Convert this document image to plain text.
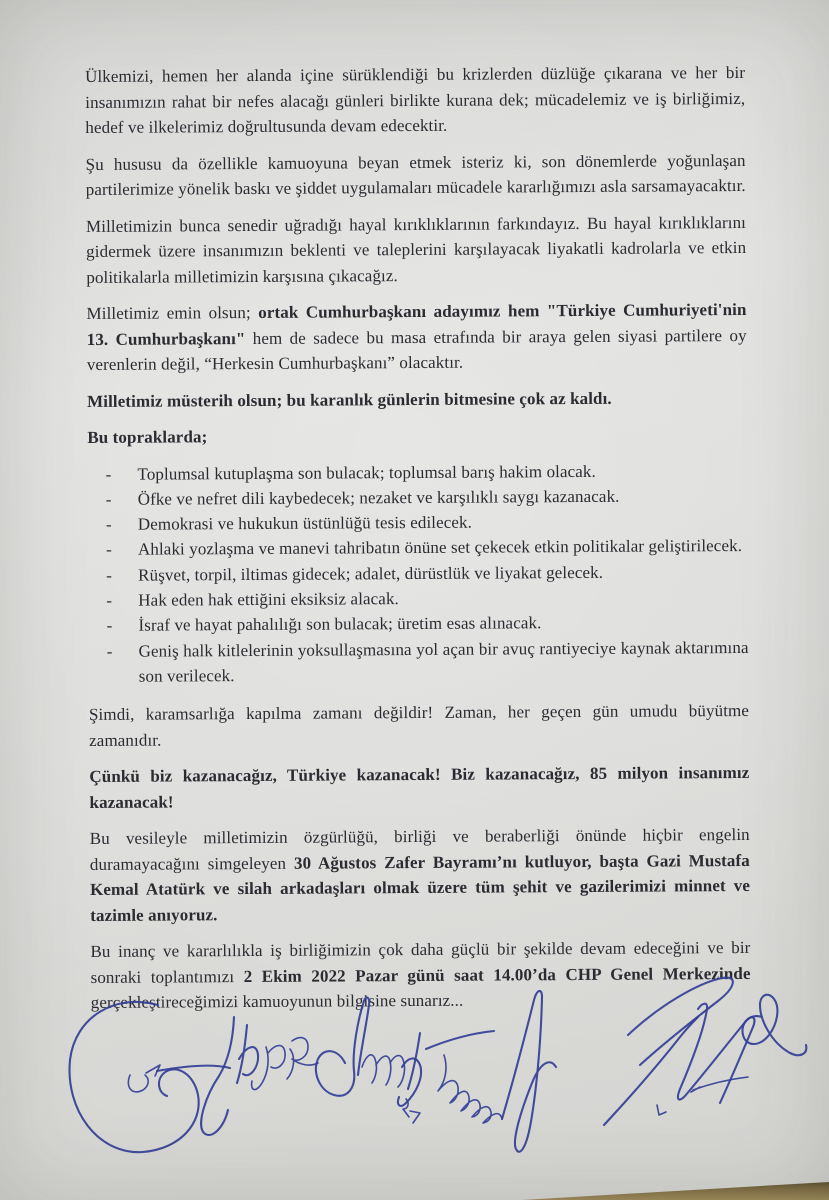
Ülkemizi, hemen her alanda içine sürüklendiği bu krizlerden düzlüğe çıkarana ve her bir insanımızın rahat bir nefes alacağı günleri birlikte kurana dek; mücadelemiz ve iş birliğimiz, hedef ve ilkelerimiz doğrultusunda devam edecektir.

Şu hususu da özellikle kamuoyuna beyan etmek isteriz ki, son dönemlerde yoğunlaşan partilerimize yönelik baskı ve şiddet uygulamaları mücadele kararlığımızı asla sarsamayacaktır.

Milletimizin bunca senedir uğradığı hayal kırıklıklarının farkındayız. Bu hayal kırıklıklarını gidermek üzere insanımızın beklenti ve taleplerini karşılayacak liyakatli kadrolarla ve etkin politikalarla milletimizin karşısına çıkacağız.

Milletimiz emin olsun; ortak Cumhurbaşkanı adayımız hem "Türkiye Cumhuriyeti'nin 13. Cumhurbaşkanı" hem de sadece bu masa etrafında bir araya gelen siyasi partilere oy verenlerin değil, “Herkesin Cumhurbaşkanı” olacaktır.

Milletimiz müsterih olsun; bu karanlık günlerin bitmesine çok az kaldı.

Bu topraklarda;

- Toplumsal kutuplaşma son bulacak; toplumsal barış hakim olacak.
- Öfke ve nefret dili kaybedecek; nezaket ve karşılıklı saygı kazanacak.
- Demokrasi ve hukukun üstünlüğü tesis edilecek.
- Ahlaki yozlaşma ve manevi tahribatın önüne set çekecek etkin politikalar geliştirilecek.
- Rüşvet, torpil, iltimas gidecek; adalet, dürüstlük ve liyakat gelecek.
- Hak eden hak ettiğini eksiksiz alacak.
- İsraf ve hayat pahalılığı son bulacak; üretim esas alınacak.
- Geniş halk kitlelerinin yoksullaşmasına yol açan bir avuç rantiyeciye kaynak aktarımına son verilecek.

Şimdi, karamsarlığa kapılma zamanı değildir! Zaman, her geçen gün umudu büyütme zamanıdır.

Çünkü biz kazanacağız, Türkiye kazanacak! Biz kazanacağız, 85 milyon insanımız kazanacak!

Bu vesileyle milletimizin özgürlüğü, birliği ve beraberliği önünde hiçbir engelin duramayacağını simgeleyen 30 Ağustos Zafer Bayramı’nı kutluyor, başta Gazi Mustafa Kemal Atatürk ve silah arkadaşları olmak üzere tüm şehit ve gazilerimizi minnet ve tazimle anıyoruz.

Bu inanç ve kararlılıkla iş birliğimizin çok daha güçlü bir şekilde devam edeceğini ve bir sonraki toplantımızı 2 Ekim 2022 Pazar günü saat 14.00’da CHP Genel Merkezinde gerçekleştireceğimizi kamuoyunun bilgisine sunarız...
